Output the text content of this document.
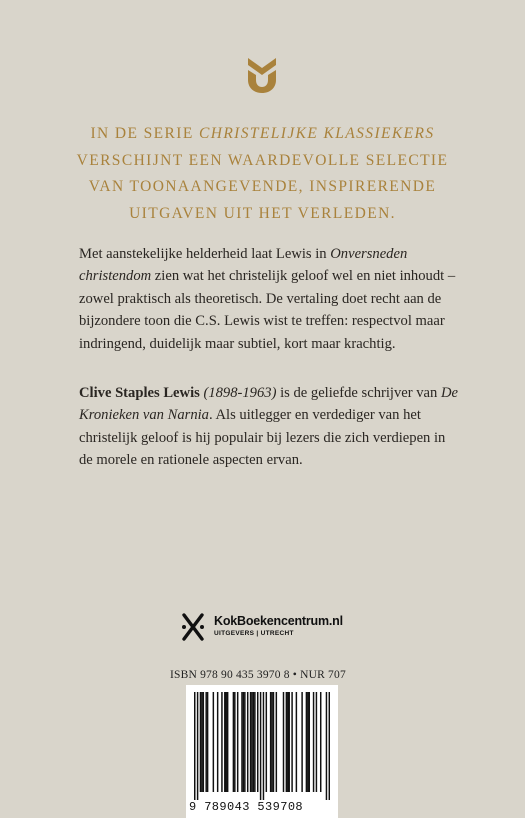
IN DE SERIE CHRISTELIJKE KLASSIEKERS VERSCHIJNT EEN WAARDEVOLLE SELECTIE VAN TOONAANGEVENDE, INSPIRERENDE UITGAVEN UIT HET VERLEDEN.

Met aanstekelijke helderheid laat Lewis in Onversneden christendom zien wat het christelijk geloof wel en niet inhoudt – zowel praktisch als theoretisch. De vertaling doet recht aan de bijzondere toon die C.S. Lewis wist te treffen: respectvol maar indringend, duidelijk maar subtiel, kort maar krachtig.

Clive Staples Lewis (1898-1963) is de geliefde schrijver van De Kronieken van Narnia. Als uitlegger en verdediger van het christelijk geloof is hij populair bij lezers die zich verdiepen in de morele en rationele aspecten ervan.

KokBoekencentrum.nl
UITGEVERS | UTRECHT
ISBN 978 90 435 3970 8 • NUR 707
9 789043 539708
